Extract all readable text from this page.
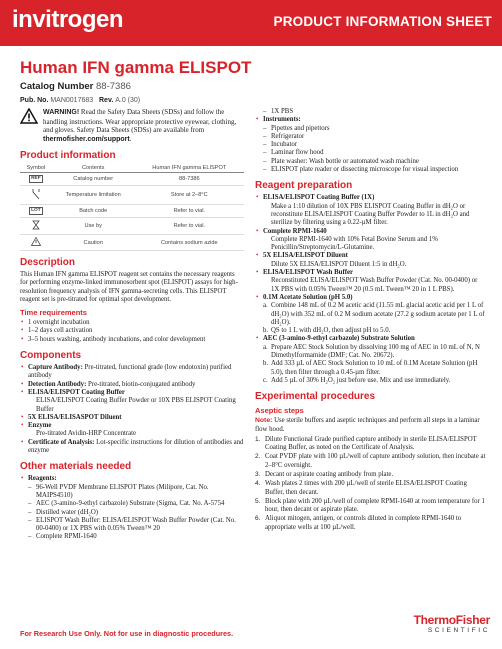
invitrogen	PRODUCT INFORMATION SHEET
Human IFN gamma ELISPOT
Catalog Number 88-7386
Pub. No. MAN0017683 Rev. A.0 (30)
WARNING! Read the Safety Data Sheets (SDSs) and follow the handling instructions. Wear appropriate protective eyewear, clothing, and gloves. Safety Data Sheets (SDSs) are available from thermofisher.com/support.
Product information
Symbol	Contents	Human IFN gamma ELISPOT
REF	Catalog number	88-7386
	Temperature limitation	Store at 2–8°C
LOT	Batch code	Refer to vial.
	Use by	Refer to vial.
	Caution	Contains sodium azide
Description

This Human IFN gamma ELISPOT reagent set contains the necessary reagents for performing enzyme-linked immunosorbent spot (ELISPOT) assays for high-resolution frequency analysis of IFN gamma-secreting cells. This ELISPOT reagent set is pre-titrated for optimal spot development.

Time requirements
• 1 overnight incubation
• 1–2 days cell activation
• 3–5 hours washing, antibody incubations, and color development
Components
• Capture Antibody: Pre-titrated, functional grade (low endotoxin) purified antibody
• Detection Antibody: Pre-titrated, biotin-conjugated antibody
• ELISA/ELISPOT Coating Buffer
ELISA/ELISPOT Coating Buffer Powder or 10X PBS ELISPOT Coating Buffer
• 5X ELISA/ELISASPOT Diluent
• Enzyme
Pre-titrated Avidin-HRP Concentrate
• Certificate of Analysis: Lot-specific instructions for dilution of antibodies and enzyme
Other materials needed
• Reagents:
– 96-Well PVDF Membrane ELISPOT Plates (Milipore, Cat. No. MAIPS4510)
– AEC (3-amino-9-ethyl carbazole) Substrate (Sigma, Cat. No. A-5754
– Distilled water (dH₂O)
– ELISPOT Wash Buffer: ELISA/ELISPOT Wash Buffer Powder (Cat. No. 00-0400) or 1X PBS with 0.05% Tween™ 20
– Complete RPMI-1640
– 1X PBS
• Instruments:
– Pipettes and pipettors
– Refrigerator
– Incubator
– Laminar flow hood
– Plate washer: Wash bottle or automated wash machine
– ELISPOT plate reader or dissecting microscope for visual inspection
Reagent preparation
• ELISA/ELISPOT Coating Buffer (1X)
Make a 1:10 dilution of 10X PBS ELISPOT Coating Buffer in dH₂O or reconstitute ELISA/ELISPOT Coating Buffer Powder to 1L in dH₂O and sterilize by filtering using a 0.22-µM filter.
• Complete RPMI-1640
Complete RPMI-1640 with 10% Fetal Bovine Serum and 1% Penicillin/Streptomycin/L-Glutamine.
• 5X ELISA/ELISPOT Diluent
Dilute 5X ELISA/ELISPOT Diluent 1:5 in dH₂O.
• ELISA/ELISPOT Wash Buffer
Reconstituted ELISA/ELISPOT Wash Buffer Powder (Cat. No. 00-0400) or 1X PBS with 0.05% Tween™ 20 (0.5 mL Tween™ 20 in 1 L PBS).
• 0.1M Acetate Solution (pH 5.0)
a. Combine 148 mL of 0.2 M acetic acid (11.55 mL glacial acetic acid per 1 L of dH₂O) with 352 mL of 0.2 M sodium acetate (27.2 g sodium acetate per 1 L of dH₂O).
b. QS to 1 L with dH₂O, then adjust pH to 5.0.
• AEC (3-amino-9-ethyl carbazole) Substrate Solution
a. Prepare AEC Stock Solution by dissolving 100 mg of AEC in 10 mL of N, N Dimethylformamide (DMF; Cat. No. 20672).
b. Add 333 µL of AEC Stock Solution to 10 mL of 0.1M Acetate Solution (pH 5.0), then filter through a 0.45-µm filter.
c. Add 5 µL of 30% H₂O₂ just before use. Mix and use immediately.
Experimental procedures
Aseptic steps

Note: Use sterile buffers and aseptic techniques and perform all steps in a laminar flow hood.

1. Dilute Functional Grade purified capture antibody in sterile ELISA/ELISPOT Coating Buffer, as noted on the Certificate of Analysis.
2. Coat PVDF plate with 100 µL/well of capture antibody solution, then incubate at 2–8°C overnight.
3. Decant or aspirate coating antibody from plate.
4. Wash plates 2 times with 200 µL/well of sterile ELISA/ELISPOT Coating Buffer, then decant.
5. Block plate with 200 µL/well of complete RPMI-1640 at room temperature for 1 hour, then decant or aspirate plate.
6. Aliquot mitogen, antigen, or controls diluted in complete RPMI-1640 to appropriate wells at 100 µL/well.
For Research Use Only. Not for use in diagnostic procedures.
ThermoFisher
SCIENTIFIC
